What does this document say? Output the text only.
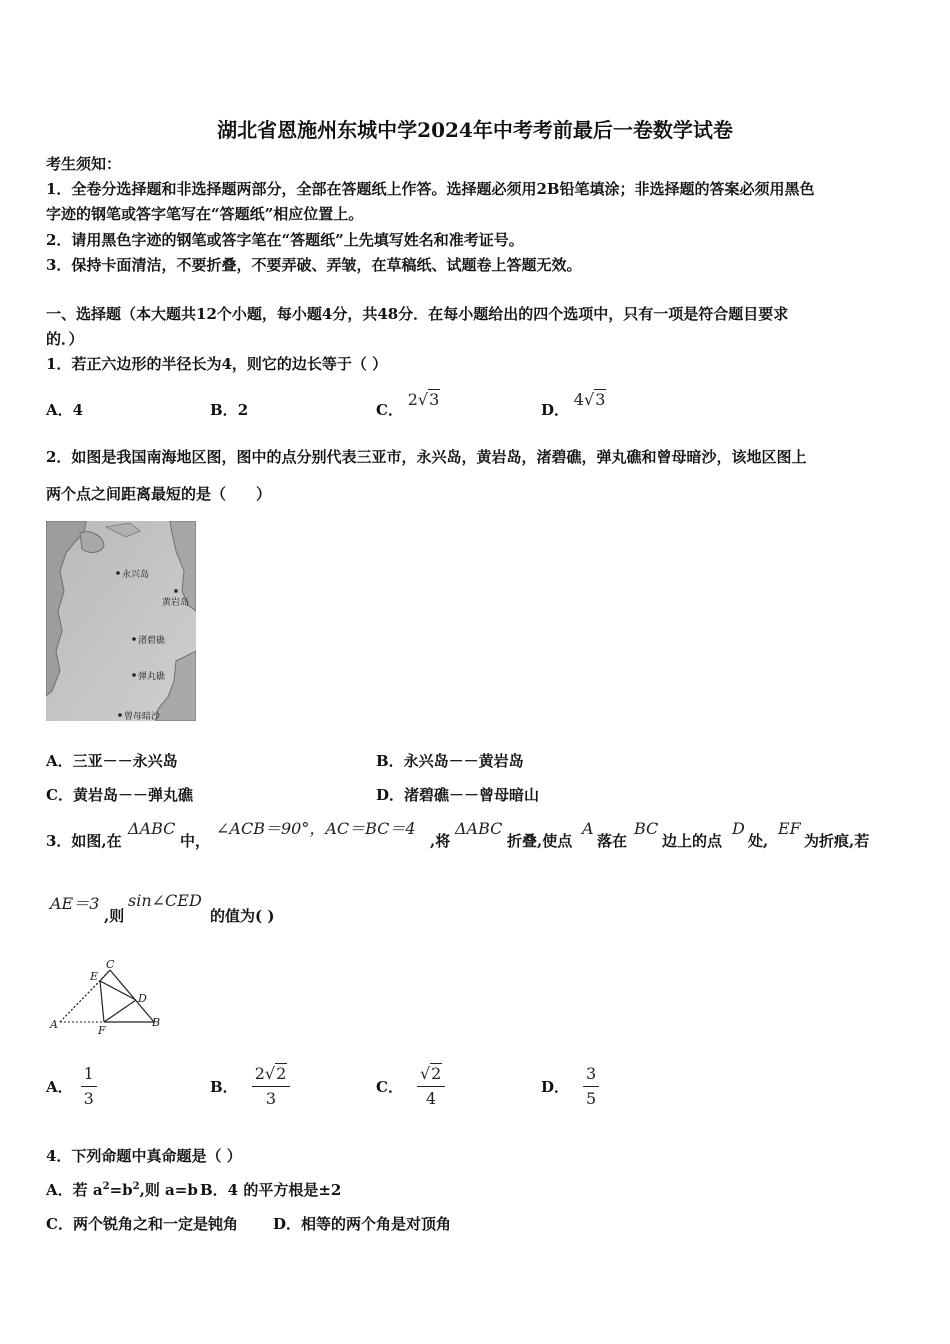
湖北省恩施州东城中学2024年中考考前最后一卷数学试卷
考生须知：
1．全卷分选择题和非选择题两部分，全部在答题纸上作答。选择题必须用2B铅笔填涂；非选择题的答案必须用黑色
字迹的钢笔或答字笔写在“答题纸”相应位置上。
2．请用黑色字迹的钢笔或答字笔在“答题纸”上先填写姓名和准考证号。
3．保持卡面清洁，不要折叠，不要弄破、弄皱，在草稿纸、试题卷上答题无效。
一、选择题（本大题共12个小题，每小题4分，共48分．在每小题给出的四个选项中，只有一项是符合题目要求
的．）
1．若正六边形的半径长为4，则它的边长等于（ ）
A．4	B．2	C． 2√3
D． 4√3
2．如图是我国南海地区图，图中的点分别代表三亚市，永兴岛，黄岩岛，渚碧礁，弹丸礁和曾母暗沙，该地区图上
两个点之间距离最短的是（　　）
永兴岛
黄岩岛
渚碧礁
弹丸礁
曾母暗沙
A．三亚－－永兴岛	B．永兴岛－－黄岩岛
C．黄岩岛－－弹丸礁	D．渚碧礁－－曾母暗山
3．如图,在
ΔABC
中，
∠ACB＝90°，AC＝BC＝4
,将
ΔABC
折叠,使点
A
落在
BC
边上的点
D
处,
EF
为折痕,若
AE＝3
,则
sin∠CED
的值为( )
C
E
D
A	F
B
A． $\frac{1}{3}$	B． $\frac{2√2}{3}$	C． $\frac{√2}{4}$	D． $\frac{3}{5}$
4．下列命题中真命题是（ ）
A．若 $a^2=b^2$,则 a=b B．4 的平方根是±2
C．两个锐角之和一定是钝角 D．相等的两个角是对顶角
